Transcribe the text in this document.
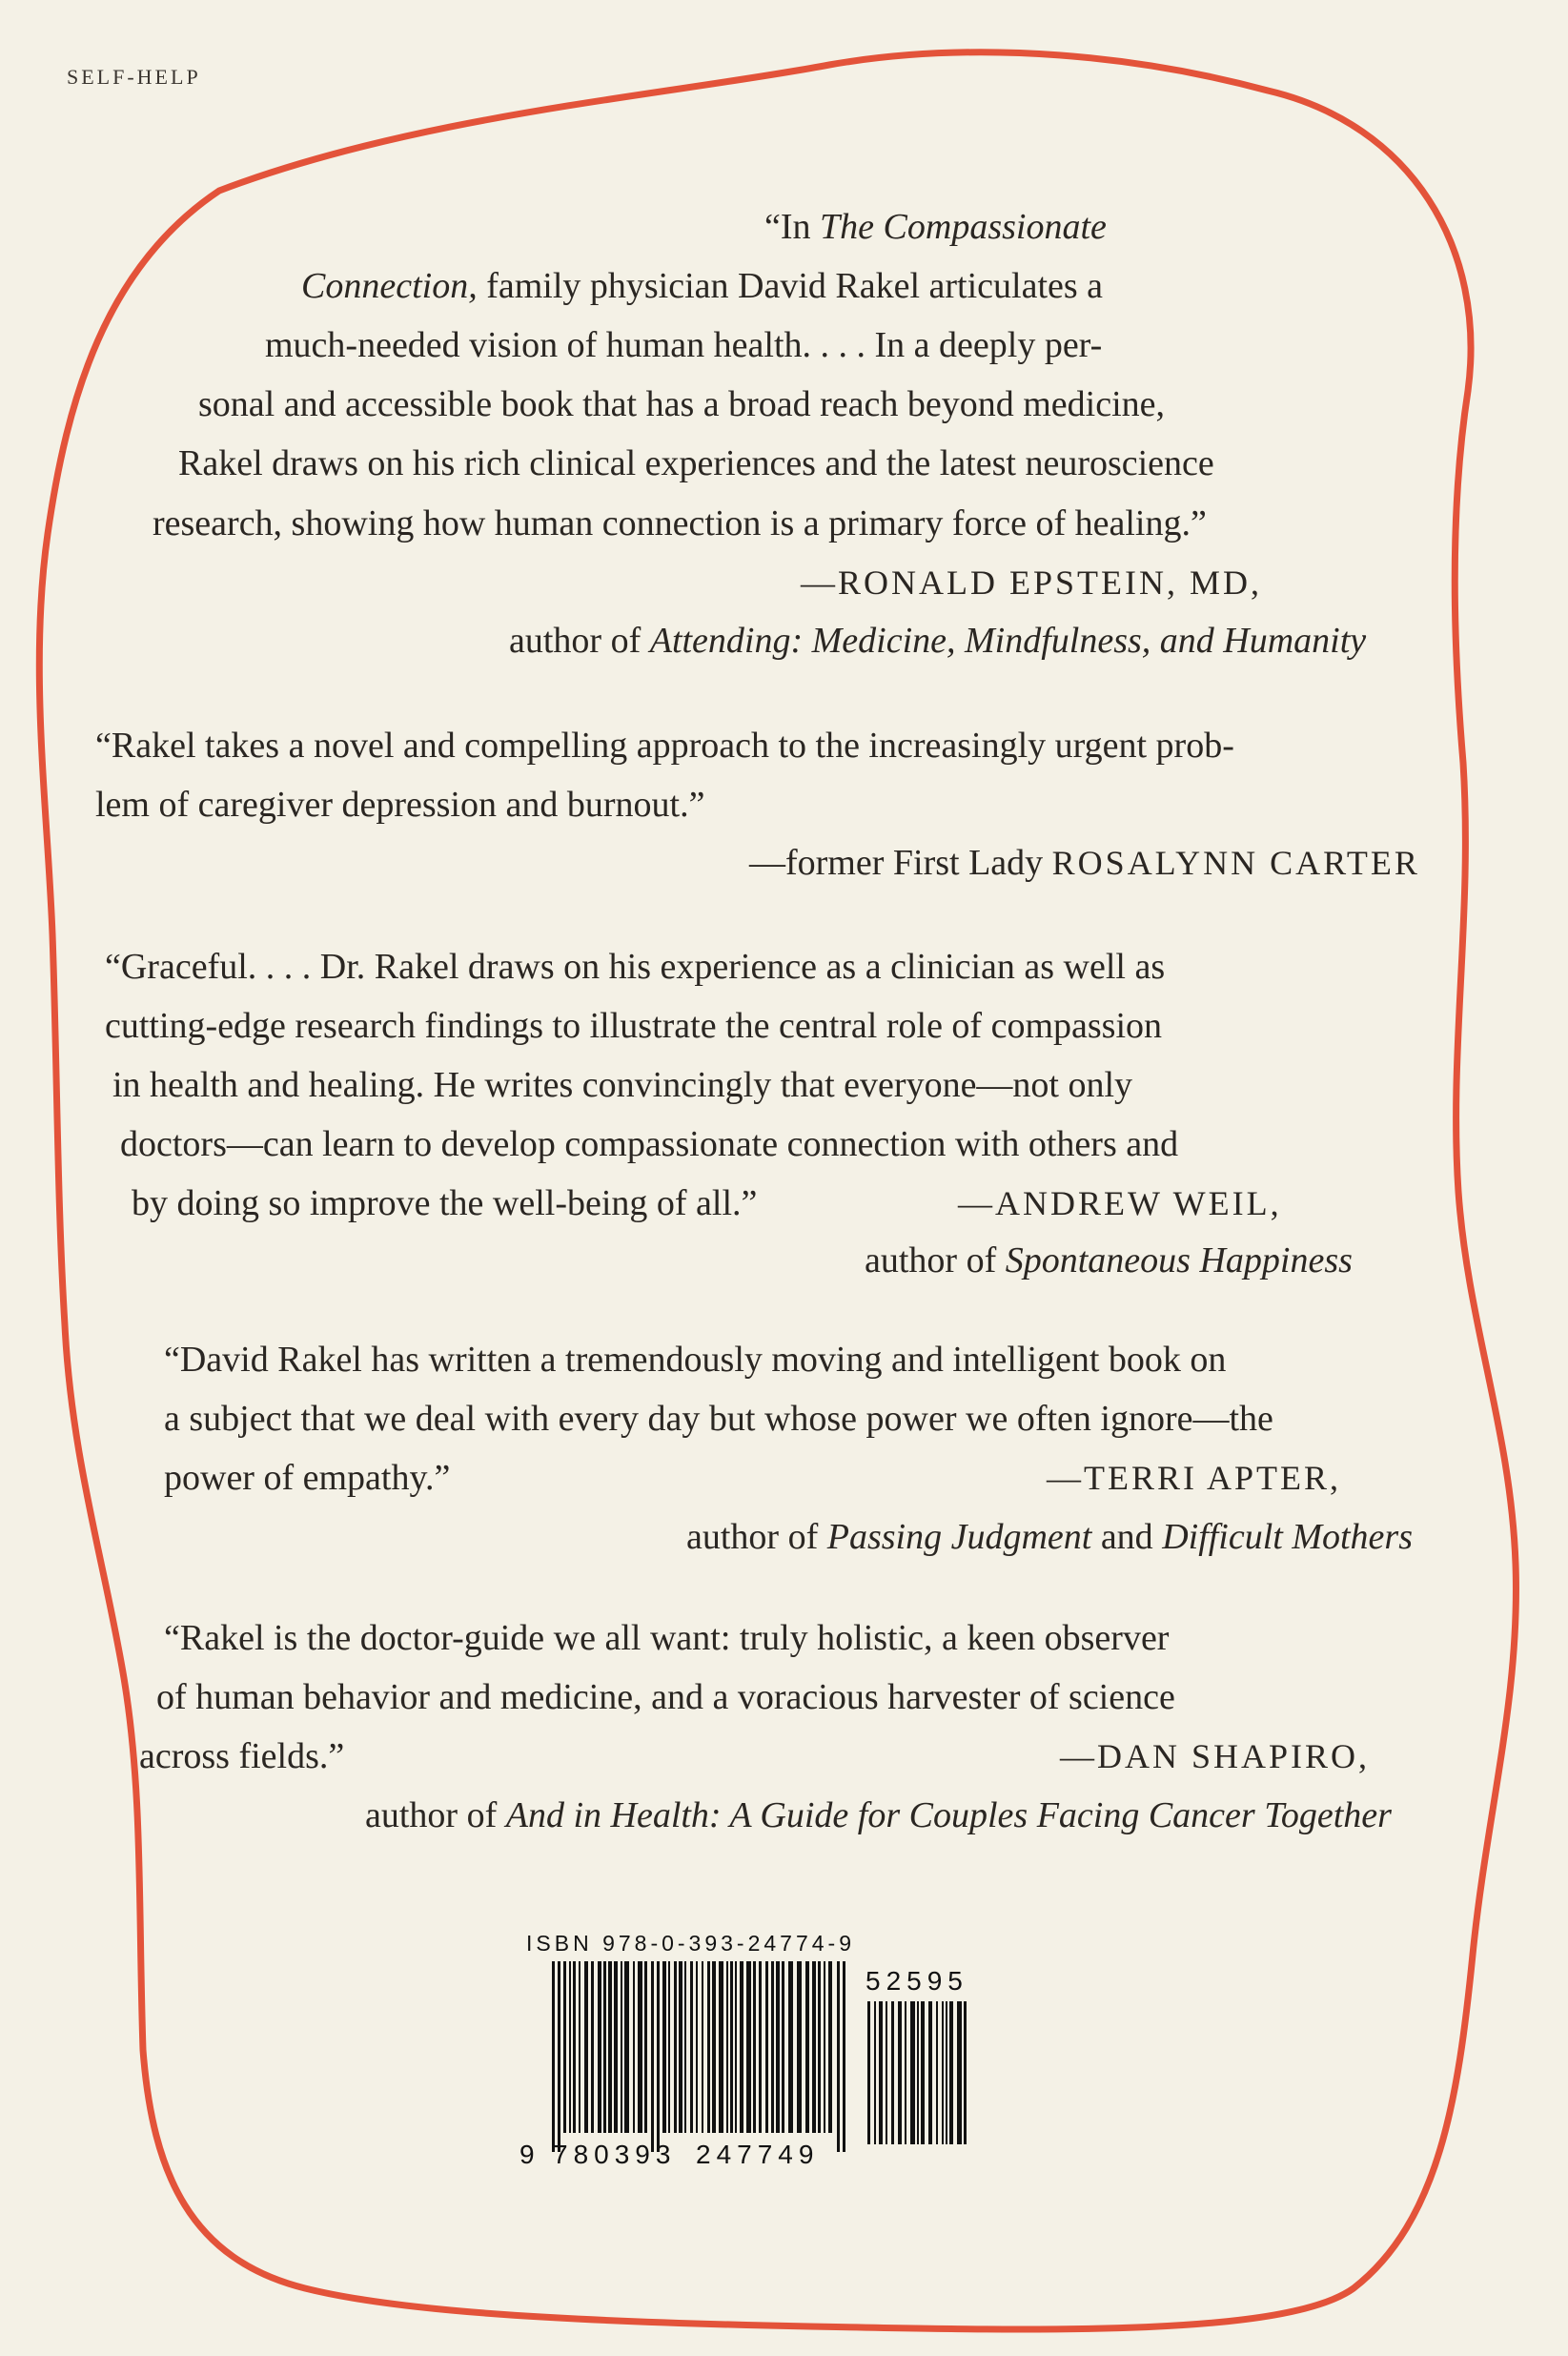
SELF-HELP
“In The Compassionate
Connection, family physician David Rakel articulates a
much-needed vision of human health. . . . In a deeply per-
sonal and accessible book that has a broad reach beyond medicine,
Rakel draws on his rich clinical experiences and the latest neuroscience
research, showing how human connection is a primary force of healing.”
—RONALD EPSTEIN, MD,
author of Attending: Medicine, Mindfulness, and Humanity
“Rakel takes a novel and compelling approach to the increasingly urgent prob-
lem of caregiver depression and burnout.”
—former First Lady ROSALYNN CARTER
“Graceful. . . . Dr. Rakel draws on his experience as a clinician as well as
cutting-edge research findings to illustrate the central role of compassion
in health and healing. He writes convincingly that everyone—not only
doctors—can learn to develop compassionate connection with others and
by doing so improve the well-being of all.”	—ANDREW WEIL,
author of Spontaneous Happiness
“David Rakel has written a tremendously moving and intelligent book on
a subject that we deal with every day but whose power we often ignore—the
power of empathy.”	—TERRI APTER,
author of Passing Judgment and Difficult Mothers
“Rakel is the doctor-guide we all want: truly holistic, a keen observer
of human behavior and medicine, and a voracious harvester of science
across fields.”	—DAN SHAPIRO,
author of And in Health: A Guide for Couples Facing Cancer Together
ISBN 978-0-393-24774-9
9 780393 247749
52595
